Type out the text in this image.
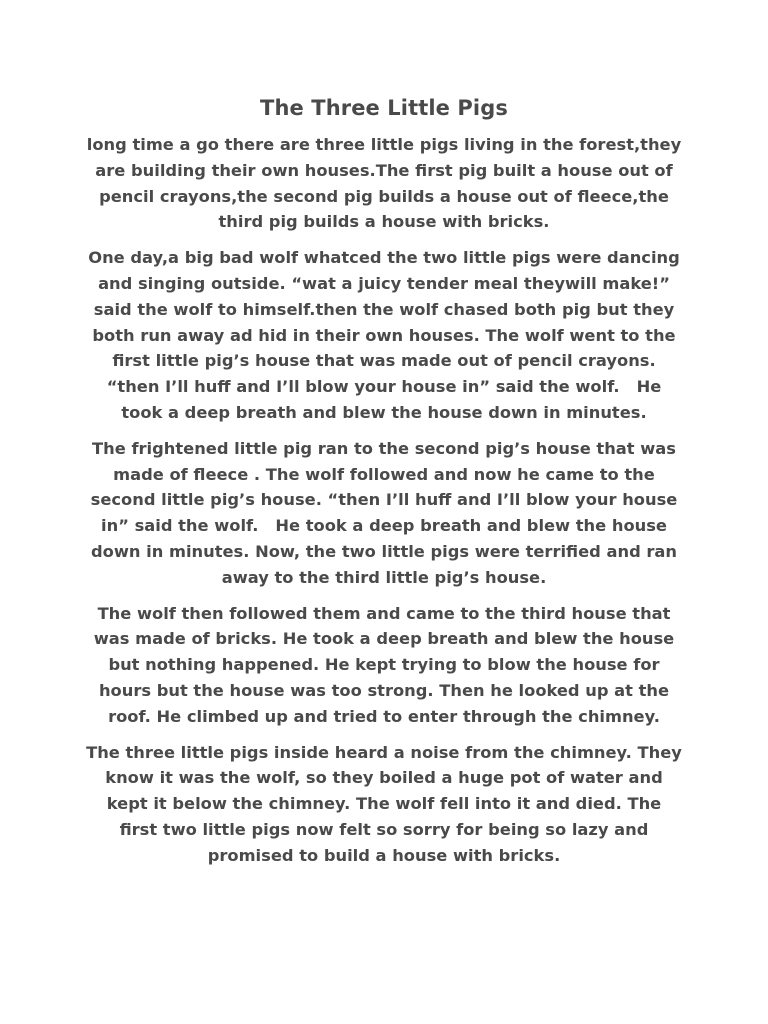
The Three Little Pigs

long time a go there are three little pigs living in the forest,they are building their own houses.The first pig built a house out of pencil crayons,the second pig builds a house out of fleece,the third pig builds a house with bricks.

One day,a big bad wolf whatced the two little pigs were dancing and singing outside. “wat a juicy tender meal theywill make!” said the wolf to himself.then the wolf chased both pig but they both run away ad hid in their own houses. The wolf went to the first little pig’s house that was made out of pencil crayons. “then I’ll huff and I’ll blow your house in” said the wolf.   He took a deep breath and blew the house down in minutes.

The frightened little pig ran to the second pig’s house that was made of fleece . The wolf followed and now he came to the second little pig’s house. “then I’ll huff and I’ll blow your house in” said the wolf.   He took a deep breath and blew the house down in minutes. Now, the two little pigs were terrified and ran away to the third little pig’s house.

The wolf then followed them and came to the third house that was made of bricks. He took a deep breath and blew the house but nothing happened. He kept trying to blow the house for hours but the house was too strong. Then he looked up at the roof. He climbed up and tried to enter through the chimney.

The three little pigs inside heard a noise from the chimney. They know it was the wolf, so they boiled a huge pot of water and kept it below the chimney. The wolf fell into it and died. The first two little pigs now felt so sorry for being so lazy and promised to build a house with bricks.
